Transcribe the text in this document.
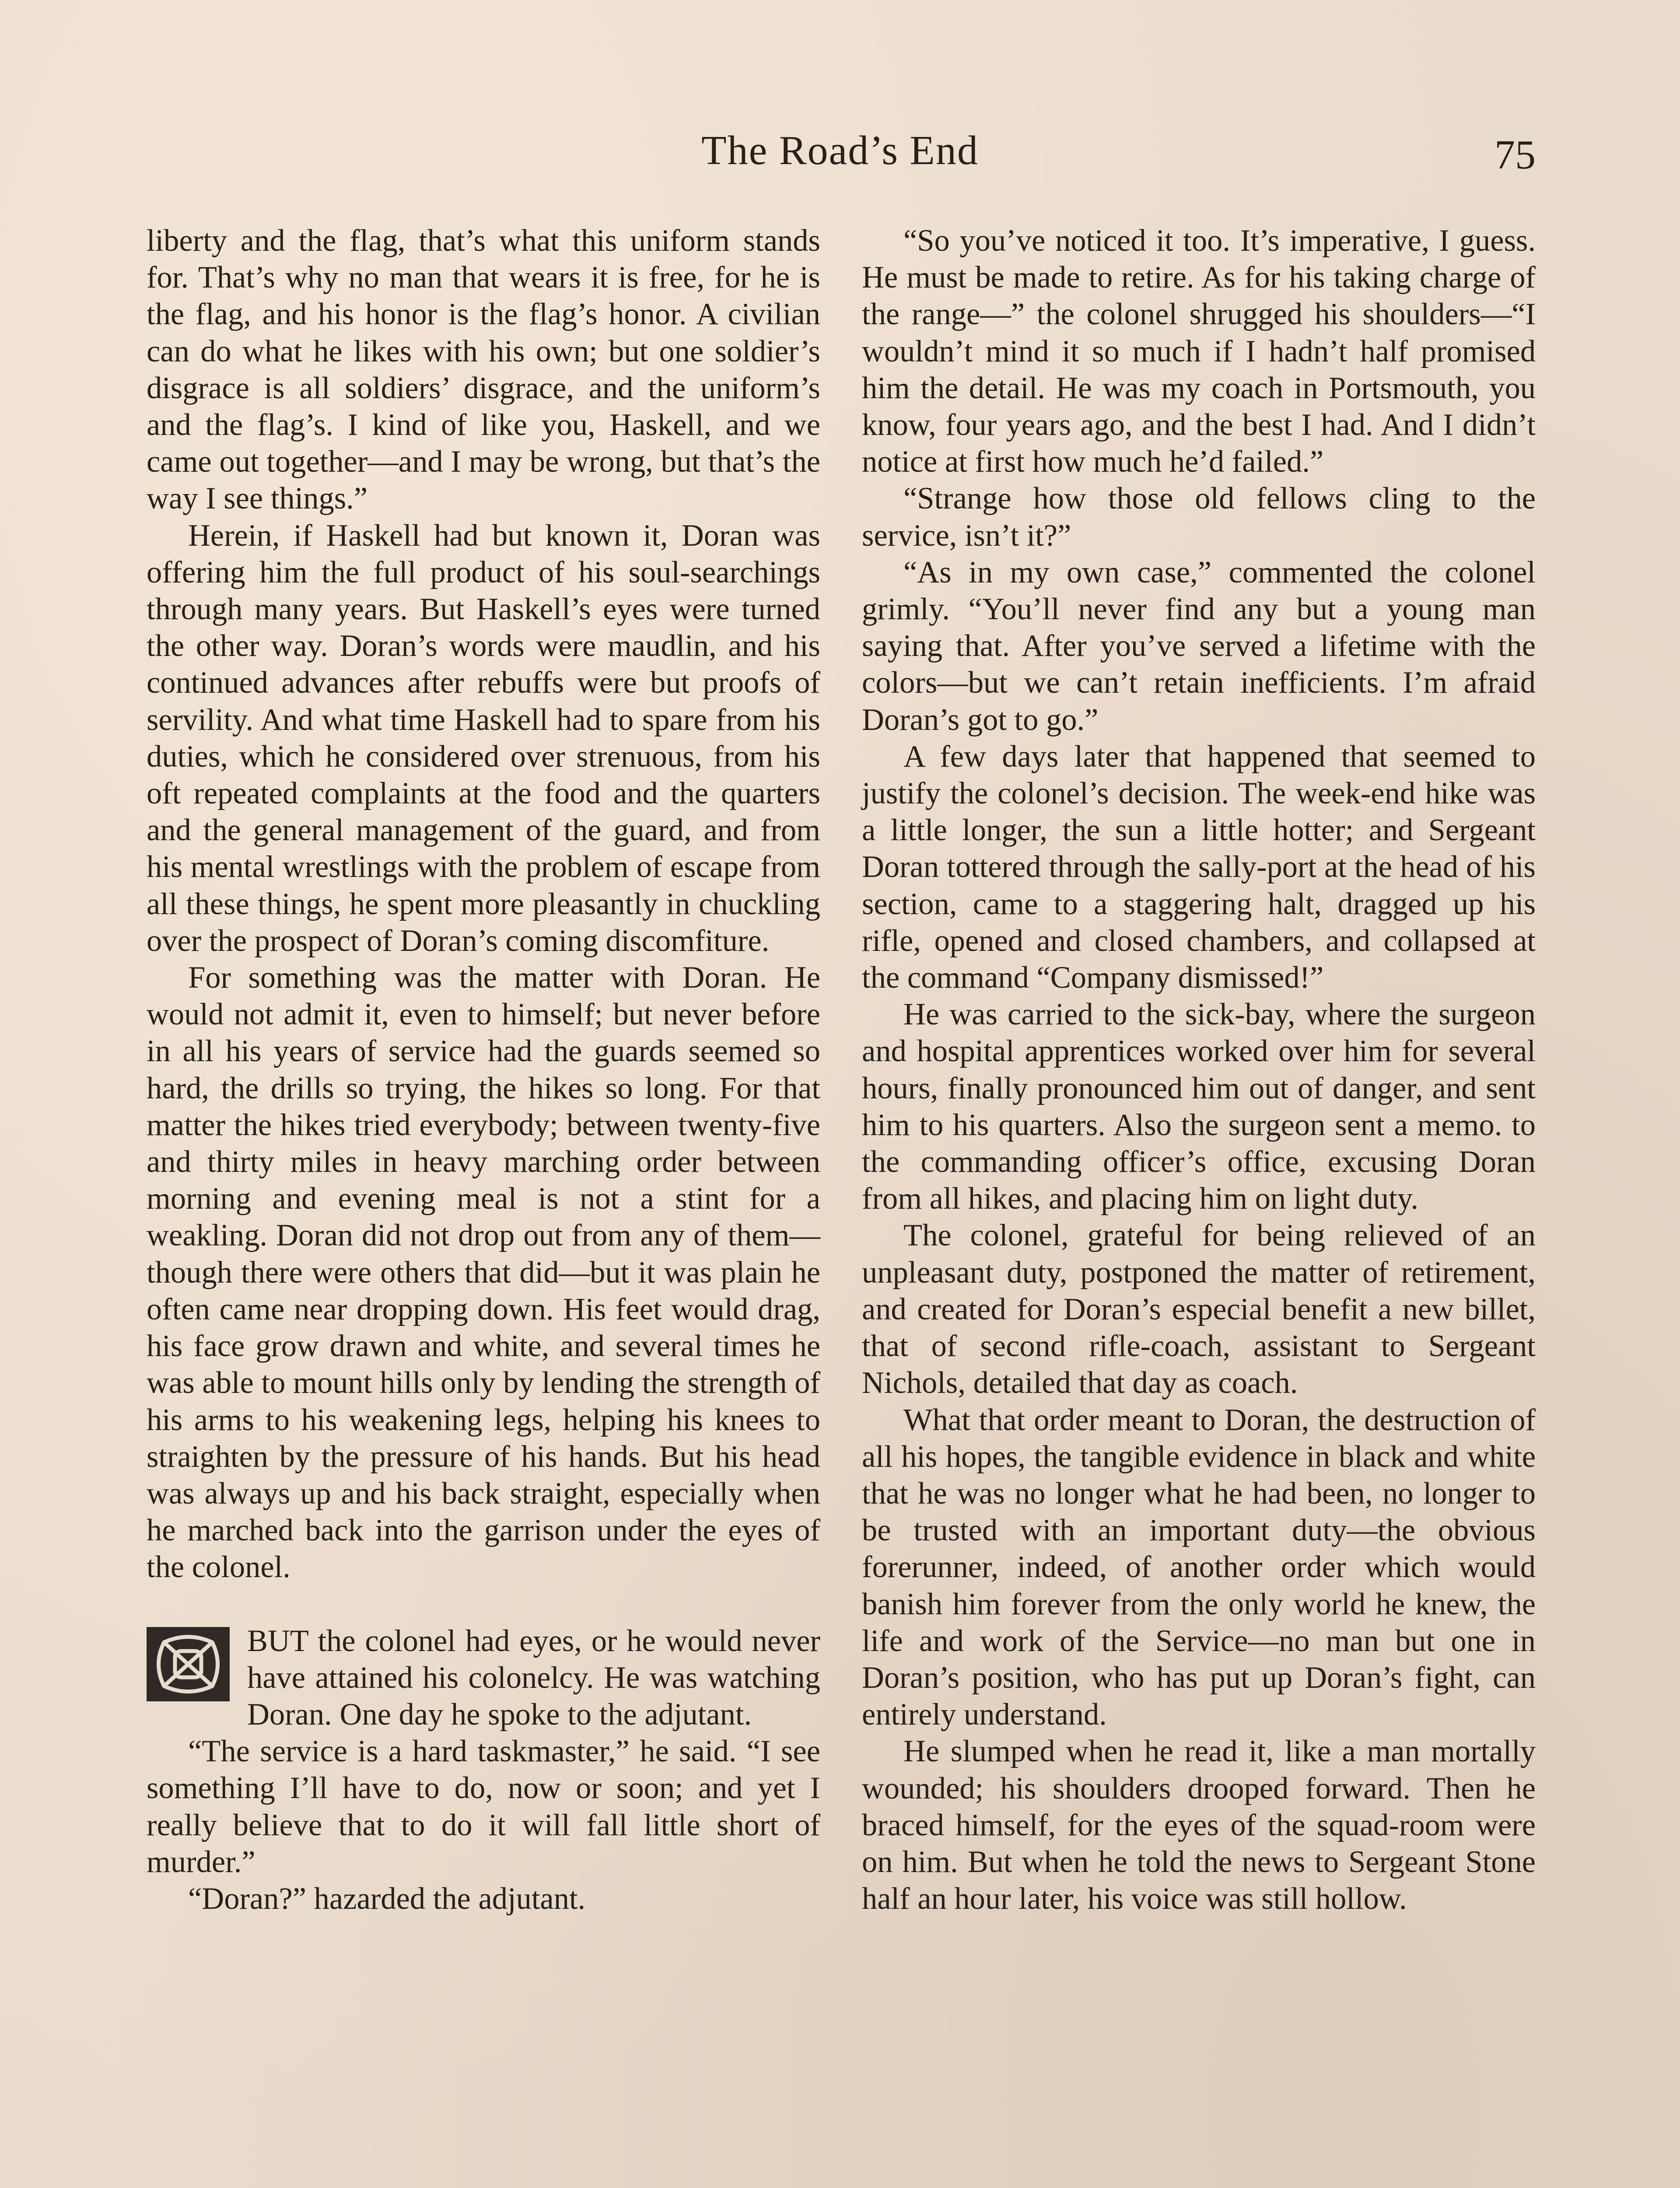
The Road’s End	75

liberty and the flag, that’s what this uniform stands for. That’s why no man that wears it is free, for he is the flag, and his honor is the flag’s honor. A civilian can do what he likes with his own; but one soldier’s disgrace is all soldiers’ disgrace, and the uniform’s and the flag’s. I kind of like you, Haskell, and we came out together—and I may be wrong, but that’s the way I see things.”

Herein, if Haskell had but known it, Doran was offering him the full product of his soul-searchings through many years. But Haskell’s eyes were turned the other way. Doran’s words were maudlin, and his continued advances after rebuffs were but proofs of servility. And what time Haskell had to spare from his duties, which he considered over strenuous, from his oft repeated complaints at the food and the quarters and the general management of the guard, and from his mental wrestlings with the problem of escape from all these things, he spent more pleasantly in chuckling over the prospect of Doran’s coming discomfiture.

For something was the matter with Doran. He would not admit it, even to himself; but never before in all his years of service had the guards seemed so hard, the drills so trying, the hikes so long. For that matter the hikes tried everybody; between twenty-five and thirty miles in heavy marching order between morning and evening meal is not a stint for a weakling. Doran did not drop out from any of them—though there were others that did—but it was plain he often came near dropping down. His feet would drag, his face grow drawn and white, and several times he was able to mount hills only by lending the strength of his arms to his weakening legs, helping his knees to straighten by the pressure of his hands. But his head was always up and his back straight, especially when he marched back into the garrison under the eyes of the colonel.

BUT the colonel had eyes, or he would never have attained his colonelcy. He was watching Doran. One day he spoke to the adjutant.

“The service is a hard taskmaster,” he said. “I see something I’ll have to do, now or soon; and yet I really believe that to do it will fall little short of murder.”

“Doran?” hazarded the adjutant.

“So you’ve noticed it too. It’s imperative, I guess. He must be made to retire. As for his taking charge of the range—” the colonel shrugged his shoulders—“I wouldn’t mind it so much if I hadn’t half promised him the detail. He was my coach in Portsmouth, you know, four years ago, and the best I had. And I didn’t notice at first how much he’d failed.”

“Strange how those old fellows cling to the service, isn’t it?”

“As in my own case,” commented the colonel grimly. “You’ll never find any but a young man saying that. After you’ve served a lifetime with the colors—but we can’t retain inefficients. I’m afraid Doran’s got to go.”

A few days later that happened that seemed to justify the colonel’s decision. The week-end hike was a little longer, the sun a little hotter; and Sergeant Doran tottered through the sally-port at the head of his section, came to a staggering halt, dragged up his rifle, opened and closed chambers, and collapsed at the command “Company dismissed!”

He was carried to the sick-bay, where the surgeon and hospital apprentices worked over him for several hours, finally pronounced him out of danger, and sent him to his quarters. Also the surgeon sent a memo. to the commanding officer’s office, excusing Doran from all hikes, and placing him on light duty.

The colonel, grateful for being relieved of an unpleasant duty, postponed the matter of retirement, and created for Doran’s especial benefit a new billet, that of second rifle-coach, assistant to Sergeant Nichols, detailed that day as coach.

What that order meant to Doran, the destruction of all his hopes, the tangible evidence in black and white that he was no longer what he had been, no longer to be trusted with an important duty—the obvious forerunner, indeed, of another order which would banish him forever from the only world he knew, the life and work of the Service—no man but one in Doran’s position, who has put up Doran’s fight, can entirely understand.

He slumped when he read it, like a man mortally wounded; his shoulders drooped forward. Then he braced himself, for the eyes of the squad-room were on him. But when he told the news to Sergeant Stone half an hour later, his voice was still hollow.
